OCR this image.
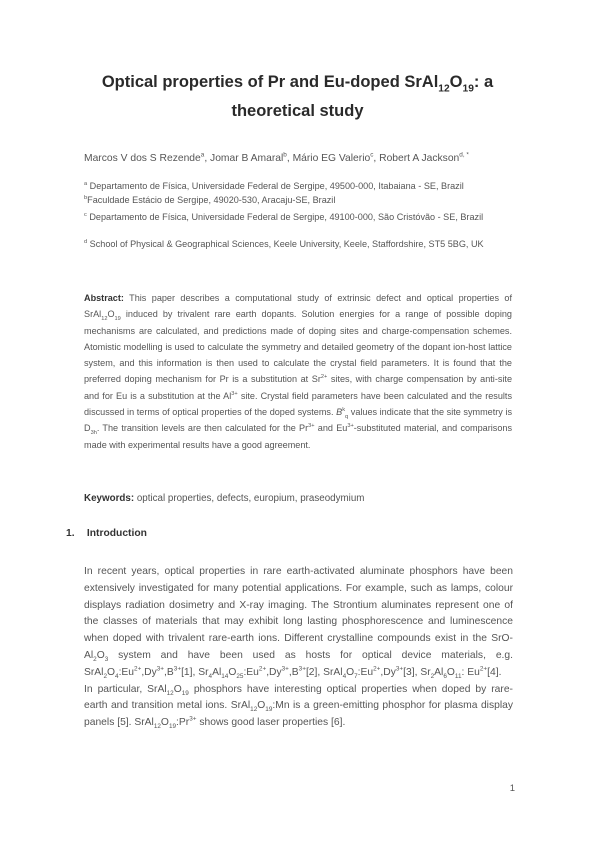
Optical properties of Pr and Eu-doped $SrAl_{12}O_{19}$: a theoretical study
Marcos V dos S Rezende$^a$, Jomar B Amaral$^b$, Mário EG Valerio$^c$, Robert A Jackson$^{d, *}$
$^a$ Departamento de Física, Universidade Federal de Sergipe, 49500-000, Itabaiana - SE, Brazil
$^b$Faculdade Estácio de Sergipe, 49020-530, Aracaju-SE, Brazil
$^c$ Departamento de Física, Universidade Federal de Sergipe, 49100-000, São Cristóvão - SE, Brazil
$^d$ School of Physical & Geographical Sciences, Keele University, Keele, Staffordshire, ST5 5BG, UK
Abstract: This paper describes a computational study of extrinsic defect and optical properties of $SrAl_{12}O_{19}$ induced by trivalent rare earth dopants. Solution energies for a range of possible doping mechanisms are calculated, and predictions made of doping sites and charge-compensation schemes. Atomistic modelling is used to calculate the symmetry and detailed geometry of the dopant ion-host lattice system, and this information is then used to calculate the crystal field parameters. It is found that the preferred doping mechanism for Pr is a substitution at $Sr^{2+}$ sites, with charge compensation by anti-site and for Eu is a substitution at the $Al^{3+}$ site. Crystal field parameters have been calculated and the results discussed in terms of optical properties of the doped systems. $B^k_q$ values indicate that the site symmetry is $D_{3h}$. The transition levels are then calculated for the $Pr^{3+}$ and $Eu^{3+}$-substituted material, and comparisons made with experimental results have a good agreement.
Keywords: optical properties, defects, europium, praseodymium
1. Introduction

In recent years, optical properties in rare earth-activated aluminate phosphors have been extensively investigated for many potential applications. For example, such as lamps, colour displays radiation dosimetry and X-ray imaging. The Strontium aluminates represent one of the classes of materials that may exhibit long lasting phosphorescence and luminescence when doped with trivalent rare-earth ions. Different crystalline compounds exist in the SrO-$Al_2O_3$ system and have been used as hosts for optical device materials, e.g. $SrAl_2O_4:Eu^{2+},Dy^{3+},B^{3+}[1]$, $Sr_4Al_{14}O_{25}:Eu^{2+},Dy^{3+},B^{3+}[2]$, $SrAl_4O_7:Eu^{2+},Dy^{3+}[3]$, $Sr_2Al_6O_{11}$: $Eu^{2+}[4]$.

In particular, $SrAl_{12}O_{19}$ phosphors have interesting optical properties when doped by rare-earth and transition metal ions. $SrAl_{12}O_{19}:Mn$ is a green-emitting phosphor for plasma display panels [5]. $SrAl_{12}O_{19}:Pr^{3+}$ shows good laser properties [6].

1
